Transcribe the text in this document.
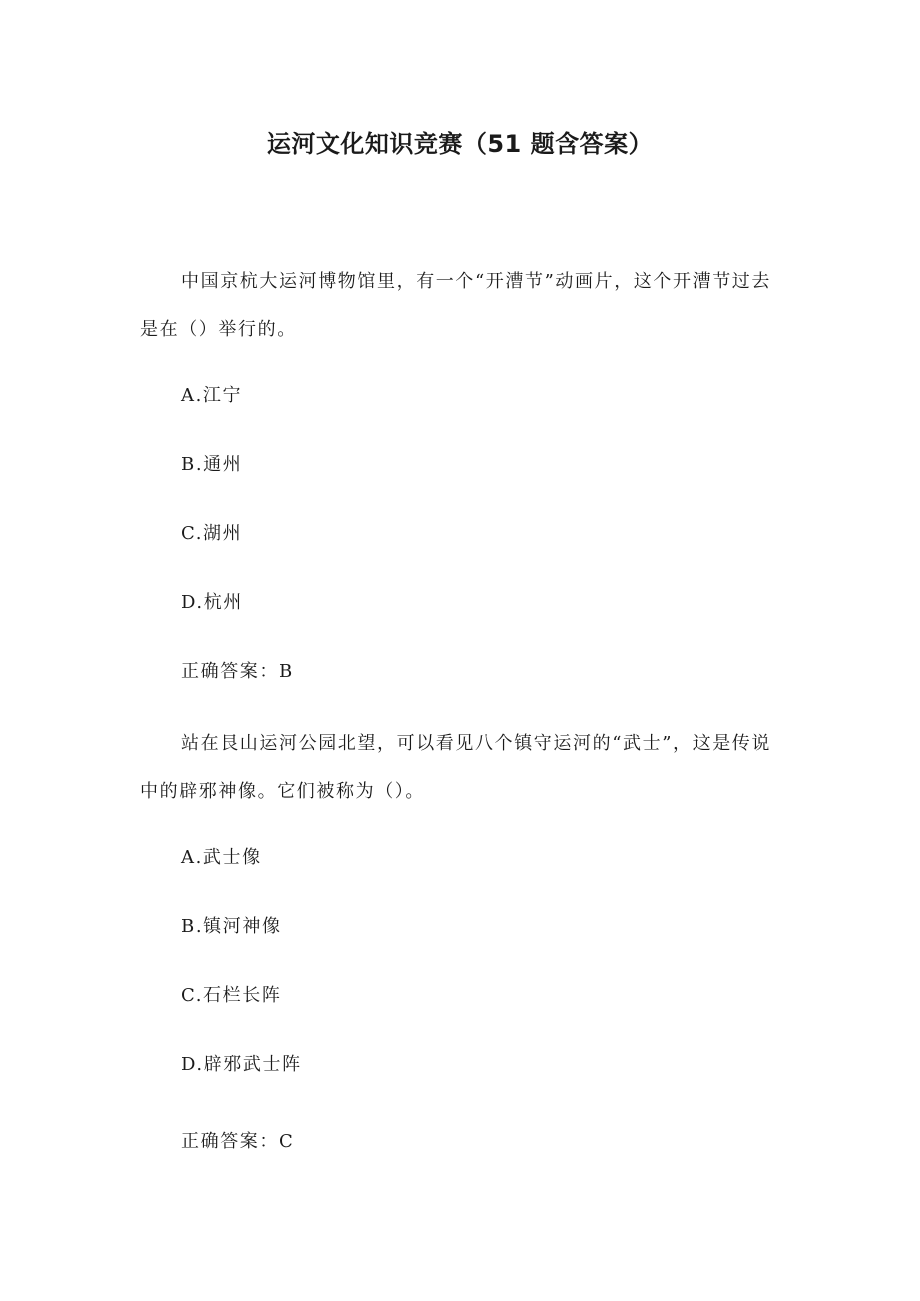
运河文化知识竞赛（51 题含答案）

中国京杭大运河博物馆里，有一个“开漕节”动画片，这个开漕节过去是在（）举行的。

A.江宁

B.通州

C.湖州

D.杭州

正确答案：B

站在艮山运河公园北望，可以看见八个镇守运河的“武士”，这是传说中的辟邪神像。它们被称为（）。

A.武士像

B.镇河神像

C.石栏长阵

D.辟邪武士阵

正确答案：C
